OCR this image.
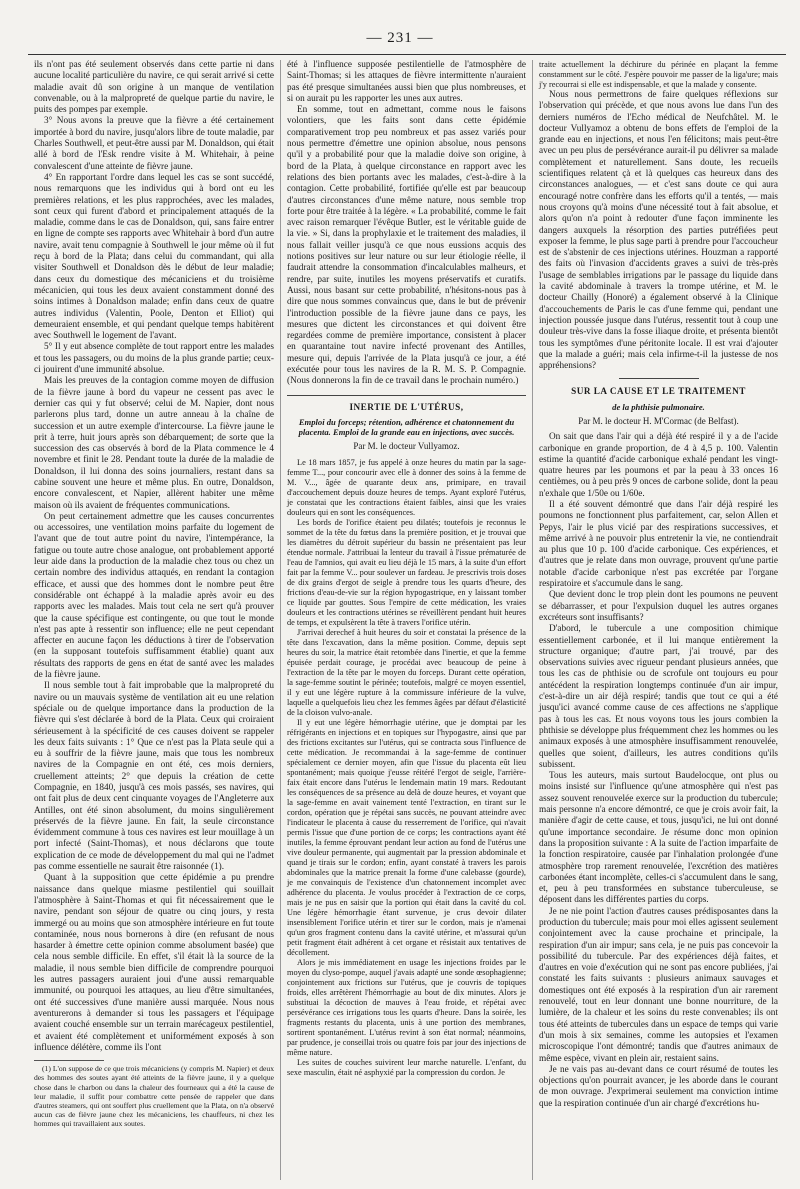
— 231 —

ils n'ont pas été seulement observés dans cette partie ni dans aucune localité particulière du navire, ce qui serait arrivé si cette maladie avait dû son origine à un manque de ventilation convenable, ou à la malpropreté de quelque partie du navire, le puits des pompes par exemple.

3° Nous avons la preuve que la fièvre a été certainement importée à bord du navire, jusqu'alors libre de toute maladie, par Charles Southwell, et peut-être aussi par M. Donaldson, qui était allé à bord de l'Esk rendre visite à M. Whitehair, à peine convalescent d'une atteinte de fièvre jaune.

4° En rapportant l'ordre dans lequel les cas se sont succédé, nous remarquons que les individus qui à bord ont eu les premières relations, et les plus rapprochées, avec les malades, sont ceux qui furent d'abord et principalement attaqués de la maladie, comme dans le cas de Donaldson, qui, sans faire entrer en ligne de compte ses rapports avec Whitehair à bord d'un autre navire, avait tenu compagnie à Southwell le jour même où il fut reçu à bord de la Plata; dans celui du commandant, qui alla visiter Southwell et Donaldson dès le début de leur maladie; dans ceux du domestique des mécaniciens et du troisième mécanicien, qui tous les deux avaient constamment donné des soins intimes à Donaldson malade; enfin dans ceux de quatre autres individus (Valentin, Poole, Denton et Elliot) qui demeuraient ensemble, et qui pendant quelque temps habitèrent avec Southwell le logement de l'avant.

5° Il y eut absence complète de tout rapport entre les malades et tous les passagers, ou du moins de la plus grande partie; ceux-ci jouirent d'une immunité absolue.

Mais les preuves de la contagion comme moyen de diffusion de la fièvre jaune à bord du vapeur ne cessent pas avec le dernier cas qui y fut observé; celui de M. Napier, dont nous parlerons plus tard, donne un autre anneau à la chaîne de succession et un autre exemple d'intercourse. La fièvre jaune le prit à terre, huit jours après son débarquement; de sorte que la succession des cas observés à bord de la Plata commence le 4 novembre et finit le 28. Pendant toute la durée de la maladie de Donaldson, il lui donna des soins journaliers, restant dans sa cabine souvent une heure et même plus. En outre, Donaldson, encore convalescent, et Napier, allèrent habiter une même maison où ils avaient de fréquentes communications.

On peut certainement admettre que les causes concurrentes ou accessoires, une ventilation moins parfaite du logement de l'avant que de tout autre point du navire, l'intempérance, la fatigue ou toute autre chose analogue, ont probablement apporté leur aide dans la production de la maladie chez tous ou chez un certain nombre des individus attaqués, en rendant la contagion efficace, et aussi que des hommes dont le nombre peut être considérable ont échappé à la maladie après avoir eu des rapports avec les malades. Mais tout cela ne sert qu'à prouver que la cause spécifique est contingente, ou que tout le monde n'est pas apte à ressentir son influence; elle ne peut cependant affecter en aucune façon les déductions à tirer de l'observation (en la supposant toutefois suffisamment établie) quant aux résultats des rapports de gens en état de santé avec les malades de la fièvre jaune.

Il nous semble tout à fait improbable que la malpropreté du navire ou un mauvais système de ventilation ait eu une relation spéciale ou de quelque importance dans la production de la fièvre qui s'est déclarée à bord de la Plata. Ceux qui croiraient sérieusement à la spécificité de ces causes doivent se rappeler les deux faits suivants : 1° Que ce n'est pas la Plata seule qui a eu à souffrir de la fièvre jaune, mais que tous les nombreux navires de la Compagnie en ont été, ces mois derniers, cruellement atteints; 2° que depuis la création de cette Compagnie, en 1840, jusqu'à ces mois passés, ses navires, qui ont fait plus de deux cent cinquante voyages de l'Angleterre aux Antilles, ont été sinon absolument, du moins singulièrement préservés de la fièvre jaune. En fait, la seule circonstance évidemment commune à tous ces navires est leur mouillage à un port infecté (Saint-Thomas), et nous déclarons que toute explication de ce mode de développement du mal qui ne l'admet pas comme essentielle ne saurait être raisonnée (1).

Quant à la supposition que cette épidémie a pu prendre naissance dans quelque miasme pestilentiel qui souillait l'atmosphère à Saint-Thomas et qui fit nécessairement que le navire, pendant son séjour de quatre ou cinq jours, y resta immergé ou au moins que son atmosphère intérieure en fut toute contaminée, nous nous bornerons à dire (en refusant de nous hasarder à émettre cette opinion comme absolument basée) que cela nous semble difficile. En effet, s'il était là la source de la maladie, il nous semble bien difficile de comprendre pourquoi les autres passagers auraient joui d'une aussi remarquable immunité, ou pourquoi les attaques, au lieu d'être simultanées, ont été successives d'une manière aussi marquée. Nous nous aventurerons à demander si tous les passagers et l'équipage avaient couché ensemble sur un terrain marécageux pestilentiel, et avaient été complètement et uniformément exposés à son influence délétère, comme ils l'ont

(1) L'on suppose de ce que trois mécaniciens (y compris M. Napier) et deux des hommes des soutes ayant été atteints de la fièvre jaune, il y a quelque chose dans le charbon ou dans la chaleur des fourneaux qui a été la cause de leur maladie, il suffit pour combattre cette pensée de rappeler que dans d'autres steamers, qui ont souffert plus cruellement que la Plata, on n'a observé aucun cas de fièvre jaune chez les mécaniciens, les chauffeurs, ni chez les hommes qui travaillaient aux soutes.

été à l'influence supposée pestilentielle de l'atmosphère de Saint-Thomas; si les attaques de fièvre intermittente n'auraient pas été presque simultanées aussi bien que plus nombreuses, et si on aurait pu les rapporter les unes aux autres.

En somme, tout en admettant, comme nous le faisons volontiers, que les faits sont dans cette épidémie comparativement trop peu nombreux et pas assez variés pour nous permettre d'émettre une opinion absolue, nous pensons qu'il y a probabilité pour que la maladie doive son origine, à bord de la Plata, à quelque circonstance en rapport avec les relations des bien portants avec les malades, c'est-à-dire à la contagion. Cette probabilité, fortifiée qu'elle est par beaucoup d'autres circonstances d'une même nature, nous semble trop forte pour être traitée à la légère. « La probabilité, comme le fait avec raison remarquer l'évêque Butler, est le véritable guide de la vie. » Si, dans la prophylaxie et le traitement des maladies, il nous fallait veiller jusqu'à ce que nous eussions acquis des notions positives sur leur nature ou sur leur étiologie réelle, il faudrait attendre la consommation d'incalculables malheurs, et rendre, par suite, inutiles les moyens préservatifs et curatifs. Aussi, nous basant sur cette probabilité, n'hésitons-nous pas à dire que nous sommes convaincus que, dans le but de prévenir l'introduction possible de la fièvre jaune dans ce pays, les mesures que dictent les circonstances et qui doivent être regardées comme de première importance, consistent à placer en quarantaine tout navire infecté provenant des Antilles, mesure qui, depuis l'arrivée de la Plata jusqu'à ce jour, a été exécutée pour tous les navires de la R. M. S. P. Compagnie. (Nous donnerons la fin de ce travail dans le prochain numéro.)

INERTIE DE L'UTÉRUS,
Emploi du forceps; rétention, adhérence et chatonnement du placenta. Emploi de la grande eau en injections, avec succès.
Par M. le docteur Vullyamoz.

Le 18 mars 1857, je fus appelé à onze heures du matin par la sage-femme T..., pour concourir avec elle à donner des soins à la femme de M. V..., âgée de quarante deux ans, primipare, en travail d'accouchement depuis douze heures de temps. Ayant exploré l'utérus, je constatai que les contractions étaient faibles, ainsi que les vraies douleurs qui en sont les conséquences.

Les bords de l'orifice étaient peu dilatés; toutefois je reconnus le sommet de la tête du fœtus dans la première position, et je trouvai que les diamètres du détroit supérieur du bassin ne présentaient pas leur étendue normale. J'attribuai la lenteur du travail à l'issue prématurée de l'eau de l'amnios, qui avait eu lieu déjà le 15 mars, à la suite d'un effort fait par la femme V... pour soulever un fardeau. Je prescrivis trois doses de dix grains d'ergot de seigle à prendre tous les quarts d'heure, des frictions d'eau-de-vie sur la région hypogastrique, en y laissant tomber ce liquide par gouttes. Sous l'empire de cette médication, les vraies douleurs et les contractions utérines se réveillèrent pendant huit heures de temps, et expulsèrent la tête à travers l'orifice utérin.

J'arrivai derechef à huit heures du soir et constatai la présence de la tête dans l'excavation, dans la même position. Comme, depuis sept heures du soir, la matrice était retombée dans l'inertie, et que la femme épuisée perdait courage, je procédai avec beaucoup de peine à l'extraction de la tête par le moyen du forceps. Durant cette opération, la sage-femme soutint le périnée; toutefois, malgré ce moyen essentiel, il y eut une légère rupture à la commissure inférieure de la vulve, laquelle a quelquefois lieu chez les femmes âgées par défaut d'élasticité de la cloison vulvo-anale.

Il y eut une légère hémorrhagie utérine, que je domptai par les réfrigérants en injections et en topiques sur l'hypogastre, ainsi que par des frictions excitantes sur l'utérus, qui se contracta sous l'influence de cette médication. Je recommandai à la sage-femme de continuer spécialement ce dernier moyen, afin que l'issue du placenta eût lieu spontanément; mais quoique j'eusse réitéré l'ergot de seigle, l'arrière-faix était encore dans l'utérus le lendemain matin 19 mars. Redoutant les conséquences de sa présence au delà de douze heures, et voyant que la sage-femme en avait vainement tenté l'extraction, en tirant sur le cordon, opération que je répétai sans succès, ne pouvant atteindre avec l'indicateur le placenta à cause du resserrement de l'orifice, qui n'avait permis l'issue que d'une portion de ce corps; les contractions ayant été inutiles, la femme éprouvant pendant leur action au fond de l'utérus une vive douleur permanente, qui augmentait par la pression abdominale et quand je tirais sur le cordon; enfin, ayant constaté à travers les parois abdominales que la matrice prenait la forme d'une calebasse (gourde), je me convainquis de l'existence d'un chatonnement incomplet avec adhérence du placenta. Je voulus procéder à l'extraction de ce corps, mais je ne pus en saisir que la portion qui était dans la cavité du col. Une légère hémorrhagie étant survenue, je crus devoir dilater insensiblement l'orifice utérin et tirer sur le cordon, mais je n'amenai qu'un gros fragment contenu dans la cavité utérine, et m'assurai qu'un petit fragment était adhérent à cet organe et résistait aux tentatives de décollement.

Alors je mis immédiatement en usage les injections froides par le moyen du clyso-pompe, auquel j'avais adapté une sonde œsophagienne; conjointement aux frictions sur l'utérus, que je couvris de topiques froids, elles arrêtèrent l'hémorrhagie au bout de dix minutes. Alors je substituai la décoction de mauves à l'eau froide, et répétai avec persévérance ces irrigations tous les quarts d'heure. Dans la soirée, les fragments restants du placenta, unis à une portion des membranes, sortirent spontanément. L'utérus revint à son état normal; néanmoins, par prudence, je conseillai trois ou quatre fois par jour des injections de même nature.

Les suites de couches suivirent leur marche naturelle. L'enfant, du sexe masculin, était né asphyxié par la compression du cordon. Je

traite actuellement la déchirure du périnée en plaçant la femme constamment sur le côté. J'espère pouvoir me passer de la liga'ure; mais j'y recourrai si elle est indispensable, et que la malade y consente.

Nous nous permettrons de faire quelques réflexions sur l'observation qui précède, et que nous avons lue dans l'un des derniers numéros de l'Echo médical de Neufchâtel. M. le docteur Vullyamoz a obtenu de bons effets de l'emploi de la grande eau en injections, et nous l'en félicitons; mais peut-être avec un peu plus de persévérance aurait-il pu délivrer sa malade complètement et naturellement. Sans doute, les recueils scientifiques relatent çà et là quelques cas heureux dans des circonstances analogues, — et c'est sans doute ce qui aura encouragé notre confrère dans les efforts qu'il a tentés, — mais nous croyons qu'à moins d'une nécessité tout à fait absolue, et alors qu'on n'a point à redouter d'une façon imminente les dangers auxquels la résorption des parties putréfiées peut exposer la femme, le plus sage parti à prendre pour l'accoucheur est de s'abstenir de ces injections utérines. Houzman a rapporté des faits où l'invasion d'accidents graves a suivi de très-près l'usage de semblables irrigations par le passage du liquide dans la cavité abdominale à travers la trompe utérine, et M. le docteur Chailly (Honoré) a également observé à la Clinique d'accouchements de Paris le cas d'une femme qui, pendant une injection poussée jusque dans l'utérus, ressentit tout à coup une douleur très-vive dans la fosse iliaque droite, et présenta bientôt tous les symptômes d'une péritonite locale. Il est vrai d'ajouter que la malade a guéri; mais cela infirme-t-il la justesse de nos appréhensions?

SUR LA CAUSE ET LE TRAITEMENT
de la phthisie pulmonaire.
Par M. le docteur H. M'Cormac (de Belfast).

On sait que dans l'air qui a déjà été respiré il y a de l'acide carbonique en grande proportion, de 4 à 4,5 p. 100. Valentin estime la quantité d'acide carbonique exhalé pendant les vingt-quatre heures par les poumons et par la peau à 33 onces 16 centièmes, ou à peu près 9 onces de carbone solide, dont la peau n'exhale que 1/50e ou 1/60e.

Il a été souvent démontré que dans l'air déjà respiré les poumons ne fonctionnent plus parfaitement, car, selon Allen et Pepys, l'air le plus vicié par des respirations successives, et même arrivé à ne pouvoir plus entretenir la vie, ne contiendrait au plus que 10 p. 100 d'acide carbonique. Ces expériences, et d'autres que je relate dans mon ouvrage, prouvent qu'une partie notable d'acide carbonique n'est pas excrétée par l'organe respiratoire et s'accumule dans le sang.

Que devient donc le trop plein dont les poumons ne peuvent se débarrasser, et pour l'expulsion duquel les autres organes excréteurs sont insuffisants?

D'abord, le tubercule a une composition chimique essentiellement carbonée, et il lui manque entièrement la structure organique; d'autre part, j'ai trouvé, par des observations suivies avec rigueur pendant plusieurs années, que tous les cas de phthisie ou de scrofule ont toujours eu pour antécédent la respiration longtemps continuée d'un air impur, c'est-à-dire un air déjà respiré; tandis que tout ce qui a été jusqu'ici avancé comme cause de ces affections ne s'applique pas à tous les cas. Et nous voyons tous les jours combien la phthisie se développe plus fréquemment chez les hommes ou les animaux exposés à une atmosphère insuffisamment renouvelée, quelles que soient, d'ailleurs, les autres conditions qu'ils subissent.

Tous les auteurs, mais surtout Baudelocque, ont plus ou moins insisté sur l'influence qu'une atmosphère qui n'est pas assez souvent renouvelée exerce sur la production du tubercule; mais personne n'a encore démontré, ce que je crois avoir fait, la manière d'agir de cette cause, et tous, jusqu'ici, ne lui ont donné qu'une importance secondaire. Je résume donc mon opinion dans la proposition suivante : A la suite de l'action imparfaite de la fonction respiratoire, causée par l'inhalation prolongée d'une atmosphère trop rarement renouvelée, l'excrétion des matières carbonées étant incomplète, celles-ci s'accumulent dans le sang, et, peu à peu transformées en substance tuberculeuse, se déposent dans les différentes parties du corps.

Je ne nie point l'action d'autres causes prédisposantes dans la production du tubercule; mais pour moi elles agissent seulement conjointement avec la cause prochaine et principale, la respiration d'un air impur; sans cela, je ne puis pas concevoir la possibilité du tubercule. Par des expériences déjà faites, et d'autres en voie d'exécution qui ne sont pas encore publiées, j'ai constaté les faits suivants : plusieurs animaux sauvages et domestiques ont été exposés à la respiration d'un air rarement renouvelé, tout en leur donnant une bonne nourriture, de la lumière, de la chaleur et les soins du reste convenables; ils ont tous été atteints de tubercules dans un espace de temps qui varie d'un mois à six semaines, comme les autopsies et l'examen microscopique l'ont démontré; tandis que d'autres animaux de même espèce, vivant en plein air, restaient sains.

Je ne vais pas au-devant dans ce court résumé de toutes les objections qu'on pourrait avancer, je les aborde dans le courant de mon ouvrage. J'exprimerai seulement ma conviction intime que la respiration continuée d'un air chargé d'excrétions hu-
